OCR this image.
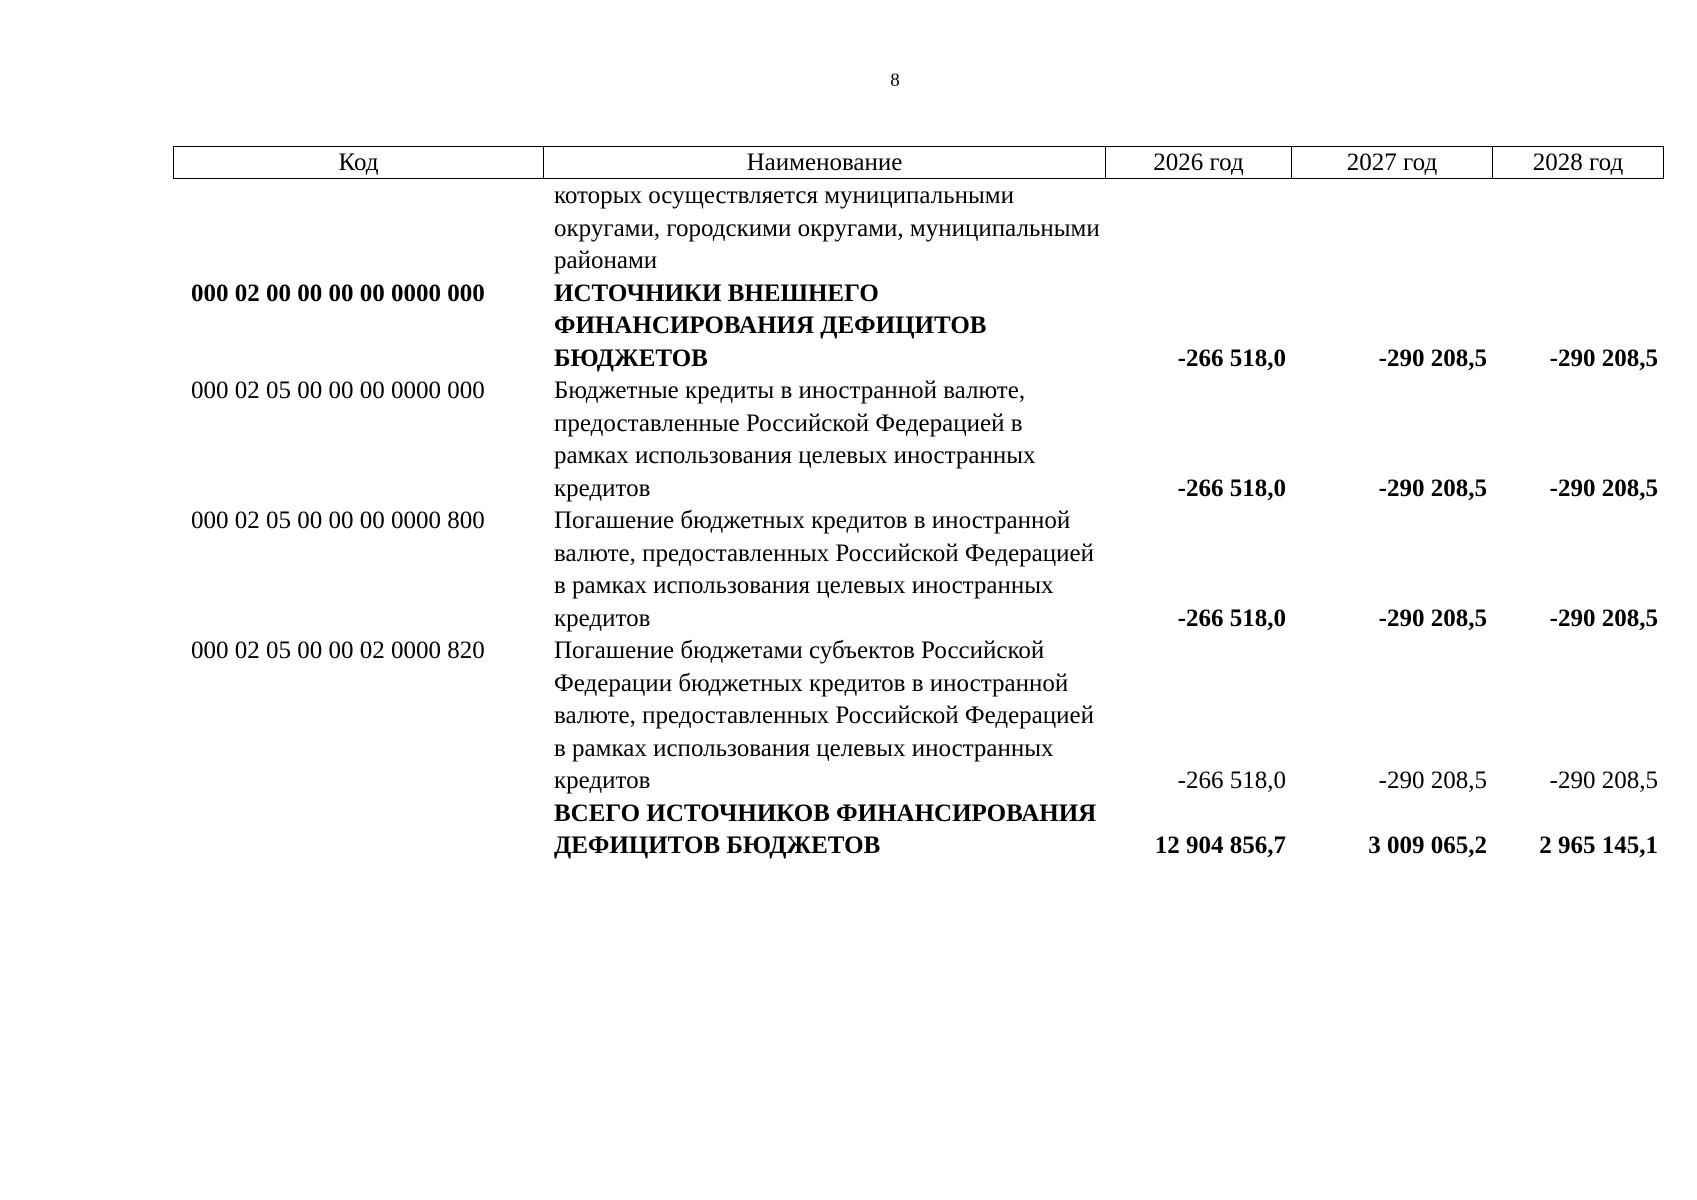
8
Код	Наименование	2026 год	2027 год	2028 год
	которых осуществляется муниципальными округами, городскими округами, муниципальными районами			
000 02 00 00 00 00 0000 000	ИСТОЧНИКИ ВНЕШНЕГО ФИНАНСИРОВАНИЯ ДЕФИЦИТОВ БЮДЖЕТОВ	-266 518,0	-290 208,5	-290 208,5
000 02 05 00 00 00 0000 000	Бюджетные кредиты в иностранной валюте, предоставленные Российской Федерацией в рамках использования целевых иностранных кредитов	-266 518,0	-290 208,5	-290 208,5
000 02 05 00 00 00 0000 800	Погашение бюджетных кредитов в иностранной валюте, предоставленных Российской Федерацией в рамках использования целевых иностранных кредитов	-266 518,0	-290 208,5	-290 208,5
000 02 05 00 00 02 0000 820	Погашение бюджетами субъектов Российской Федерации бюджетных кредитов в иностранной валюте, предоставленных Российской Федерацией в рамках использования целевых иностранных кредитов	-266 518,0	-290 208,5	-290 208,5
	ВСЕГО ИСТОЧНИКОВ ФИНАНСИРОВАНИЯ ДЕФИЦИТОВ БЮДЖЕТОВ	12 904 856,7	3 009 065,2	2 965 145,1
